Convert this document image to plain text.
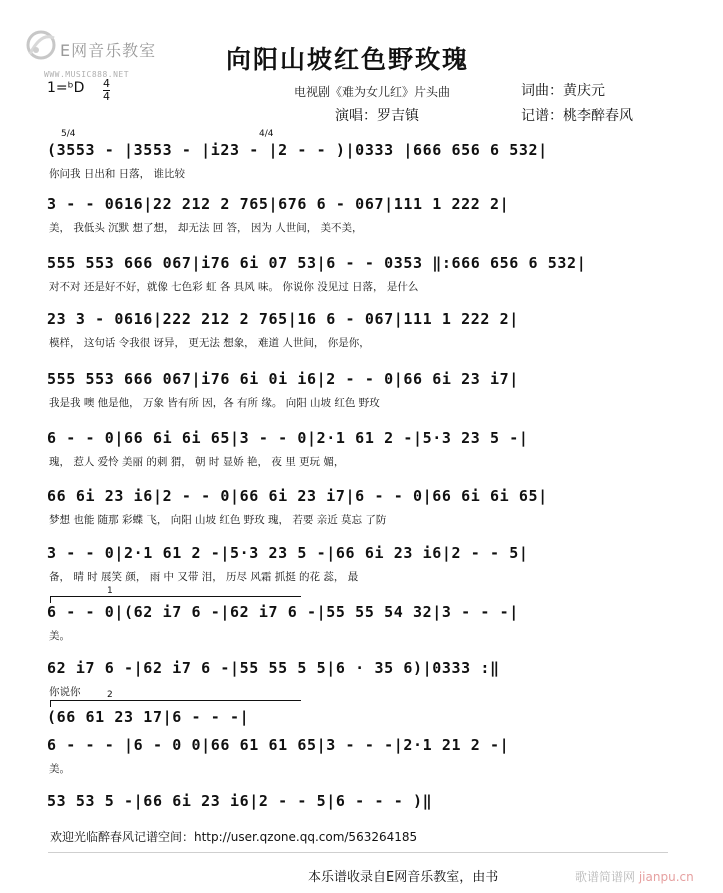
E网音乐教室
WWW.MUSIC888.NET
向阳山坡红色野玫瑰
电视剧《难为女儿红》片头曲	词曲：黄庆元
演唱：罗吉镇	记谱：桃李醉春风
1=ᵇD 4
4
5/4	4/4
(3553 - |3553 - |i23 - |2 - - )|0333 |666 656 6 532|
你问我 日出和 日落， 谁比较
3 - - 0616|22 212 2 765|676 6 - 067|111 1 222 2|
美， 我低头 沉默 想了想， 却无法 回 答， 因为 人世间， 美不美，
555 553 666 067|i76 6i 07 53|6 - - 0353 ‖:666 656 6 532|
对不对 还是好不好，就像 七色彩 虹 各 具风 味。 你说你 没见过 日落， 是什么
23 3 - 0616|222 212 2 765|16 6 - 067|111 1 222 2|
模样， 这句话 令我很 讶异， 更无法 想象， 难道 人世间， 你是你，
555 553 666 067|i76 6i 0i i6|2 - - 0|66 6i 23 i7|
我是我 噢 他是他， 万象 皆有所 因，各 有所 缘。 向阳 山坡 红色 野玫
6 - - 0|66 6i 6i 65|3 - - 0|2·1 61 2 -|5·3 23 5 -|
瑰， 惹人 爱怜 美丽 的刺 猬， 朝 时 显娇 艳， 夜 里 更玩 媚，
66 6i 23 i6|2 - - 0|66 6i 23 i7|6 - - 0|66 6i 6i 65|
梦想 也能 随那 彩蝶 飞， 向阳 山坡 红色 野玫 瑰， 若要 亲近 莫忘 了防
3 - - 0|2·1 61 2 -|5·3 23 5 -|66 6i 23 i6|2 - - 5|
备， 晴 时 展笑 颜， 雨 中 又带 泪， 历尽 风霜 抓挺 的花 蕊， 最
1
6 - - 0|(62 i7 6 -|62 i7 6 -|55 55 54 32|3 - - -|
美。
62 i7 6 -|62 i7 6 -|55 55 5 5|6 · 35 6)|0333 :‖
你说你	2
(66 61 23 17|6 - - -|
6 - - - |6 - 0 0|66 61 61 65|3 - - -|2·1 21 2 -|
美。
53 53 5 -|66 6i 23 i6|2 - - 5|6 - - - )‖
欢迎光临醉春风记谱空间：http://user.qzone.qq.com/563264185
本乐谱收录自E网音乐教室，由书	歌谱简谱网 jianpu.cn
